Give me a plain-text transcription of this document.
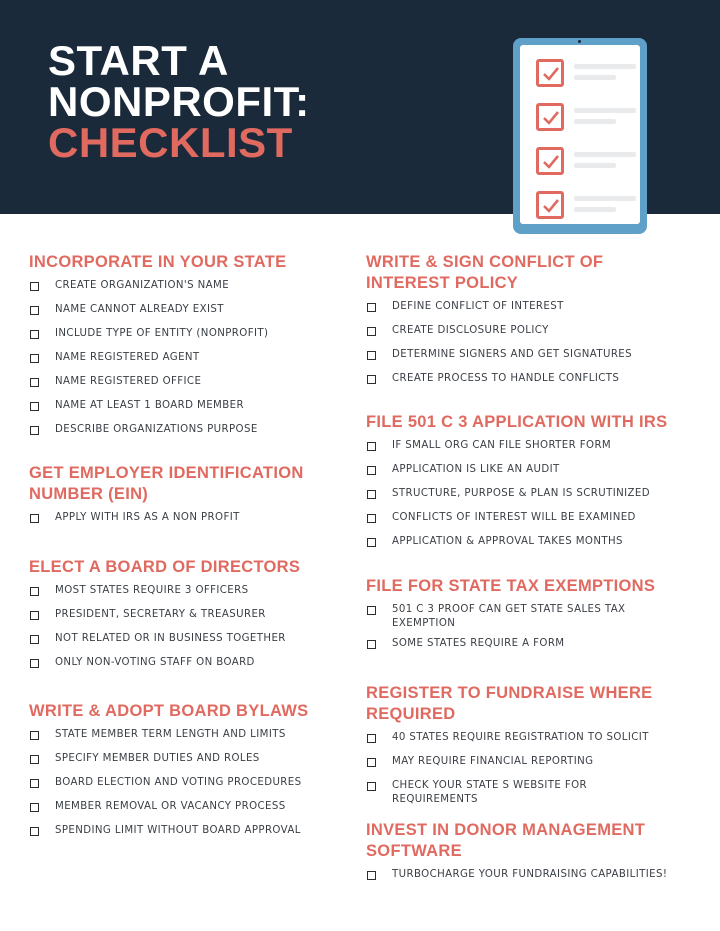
START A
NONPROFIT:
CHECKLIST
INCORPORATE IN YOUR STATE
CREATE ORGANIZATION'S NAME
NAME CANNOT ALREADY EXIST
INCLUDE TYPE OF ENTITY (NONPROFIT)
NAME REGISTERED AGENT
NAME REGISTERED OFFICE
NAME AT LEAST 1 BOARD MEMBER
DESCRIBE ORGANIZATIONS PURPOSE
GET EMPLOYER IDENTIFICATION
NUMBER (EIN)
APPLY WITH IRS AS A NON PROFIT
ELECT A BOARD OF DIRECTORS
MOST STATES REQUIRE 3 OFFICERS
PRESIDENT, SECRETARY & TREASURER
NOT RELATED OR IN BUSINESS TOGETHER
ONLY NON-VOTING STAFF ON BOARD
WRITE & ADOPT BOARD BYLAWS
STATE MEMBER TERM LENGTH AND LIMITS
SPECIFY MEMBER DUTIES AND ROLES
BOARD ELECTION AND VOTING PROCEDURES
MEMBER REMOVAL OR VACANCY PROCESS
SPENDING LIMIT WITHOUT BOARD APPROVAL
WRITE & SIGN CONFLICT OF
INTEREST POLICY
DEFINE CONFLICT OF INTEREST
CREATE DISCLOSURE POLICY
DETERMINE SIGNERS AND GET SIGNATURES
CREATE PROCESS TO HANDLE CONFLICTS
FILE 501 C 3 APPLICATION WITH IRS
IF SMALL ORG CAN FILE SHORTER FORM
APPLICATION IS LIKE AN AUDIT
STRUCTURE, PURPOSE & PLAN IS SCRUTINIZED
CONFLICTS OF INTEREST WILL BE EXAMINED
APPLICATION & APPROVAL TAKES MONTHS
FILE FOR STATE TAX EXEMPTIONS
501 C 3 PROOF CAN GET STATE SALES TAX
EXEMPTION
SOME STATES REQUIRE A FORM
REGISTER TO FUNDRAISE WHERE
REQUIRED
40 STATES REQUIRE REGISTRATION TO SOLICIT
MAY REQUIRE FINANCIAL REPORTING
CHECK YOUR STATE S WEBSITE FOR
REQUIREMENTS
INVEST IN DONOR MANAGEMENT
SOFTWARE
TURBOCHARGE YOUR FUNDRAISING CAPABILITIES!
